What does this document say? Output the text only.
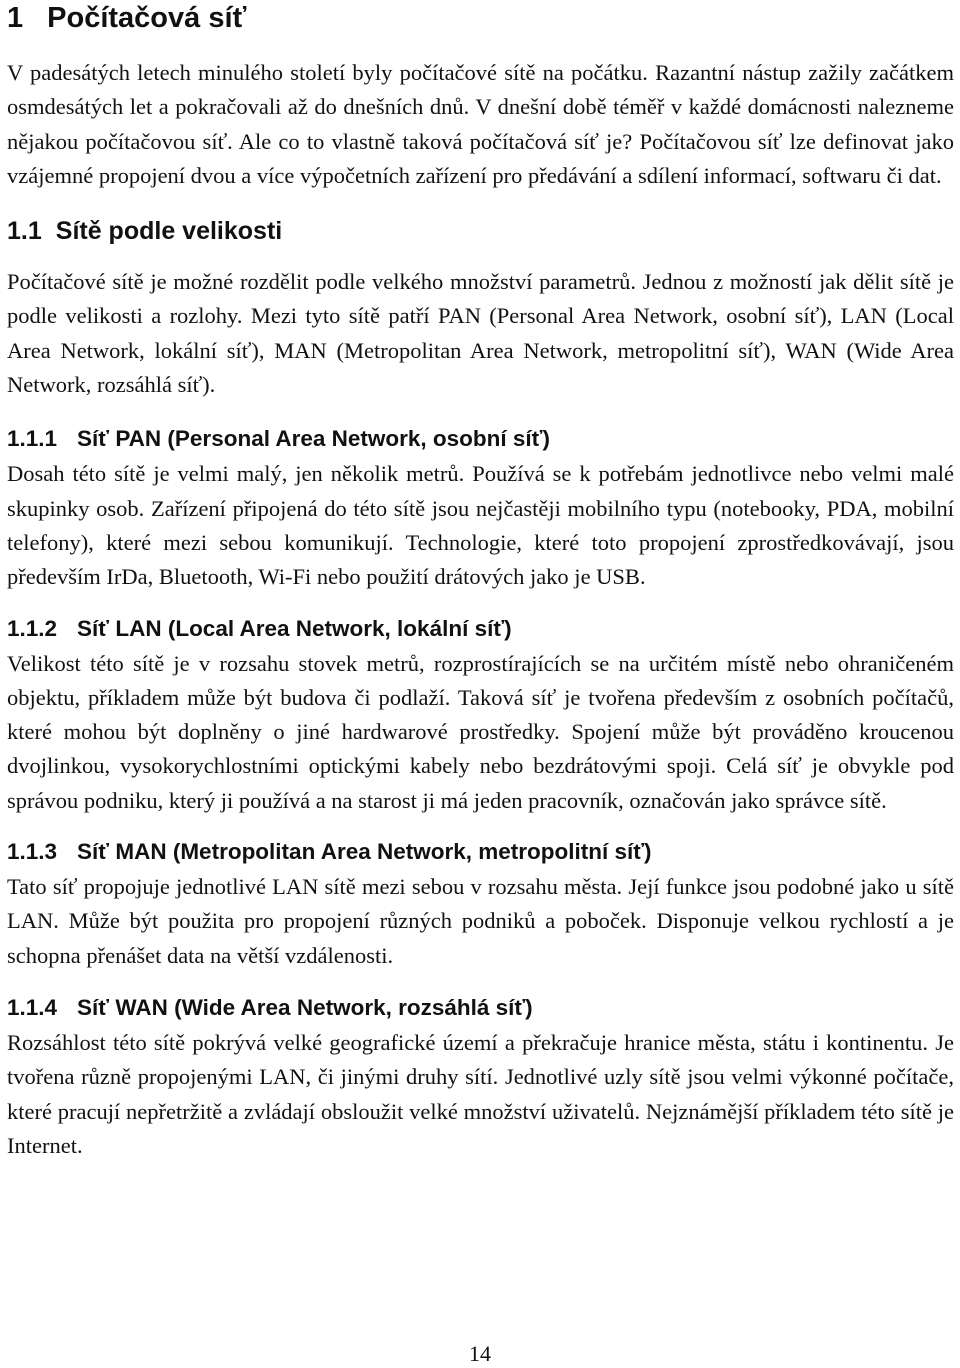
1 Počítačová síť

V padesátých letech minulého století byly počítačové sítě na počátku. Razantní nástup zažily začátkem osmdesátých let a pokračovali až do dnešních dnů. V dnešní době téměř v každé domácnosti nalezneme nějakou počítačovou síť. Ale co to vlastně taková počítačová síť je? Počítačovou síť lze definovat jako vzájemné propojení dvou a více výpočetních zařízení pro předávání a sdílení informací, softwaru či dat.

1.1 Sítě podle velikosti

Počítačové sítě je možné rozdělit podle velkého množství parametrů. Jednou z možností jak dělit sítě je podle velikosti a rozlohy. Mezi tyto sítě patří PAN (Personal Area Network, osobní síť), LAN (Local Area Network, lokální síť), MAN (Metropolitan Area Network, metropolitní síť), WAN (Wide Area Network, rozsáhlá síť).

1.1.1 Síť PAN (Personal Area Network, osobní síť)

Dosah této sítě je velmi malý, jen několik metrů. Používá se k potřebám jednotlivce nebo velmi malé skupinky osob. Zařízení připojená do této sítě jsou nejčastěji mobilního typu (notebooky, PDA, mobilní telefony), které mezi sebou komunikují. Technologie, které toto propojení zprostředkovávají, jsou především IrDa, Bluetooth, Wi-Fi nebo použití drátových jako je USB.

1.1.2 Síť LAN (Local Area Network, lokální síť)

Velikost této sítě je v rozsahu stovek metrů, rozprostírajících se na určitém místě nebo ohraničeném objektu, příkladem může být budova či podlaží. Taková síť je tvořena především z osobních počítačů, které mohou být doplněny o jiné hardwarové prostředky. Spojení může být prováděno kroucenou dvojlinkou, vysokorychlostními optickými kabely nebo bezdrátovými spoji. Celá síť je obvykle pod správou podniku, který ji používá a na starost ji má jeden pracovník, označován jako správce sítě.

1.1.3 Síť MAN (Metropolitan Area Network, metropolitní síť)

Tato síť propojuje jednotlivé LAN sítě mezi sebou v rozsahu města. Její funkce jsou podobné jako u sítě LAN. Může být použita pro propojení různých podniků a poboček. Disponuje velkou rychlostí a je schopna přenášet data na větší vzdálenosti.

1.1.4 Síť WAN (Wide Area Network, rozsáhlá síť)

Rozsáhlost této sítě pokrývá velké geografické území a překračuje hranice města, státu i kontinentu. Je tvořena různě propojenými LAN, či jinými druhy sítí. Jednotlivé uzly sítě jsou velmi výkonné počítače, které pracují nepřetržitě a zvládají obsloužit velké množství uživatelů. Nejznámější příkladem této sítě je Internet.

14
